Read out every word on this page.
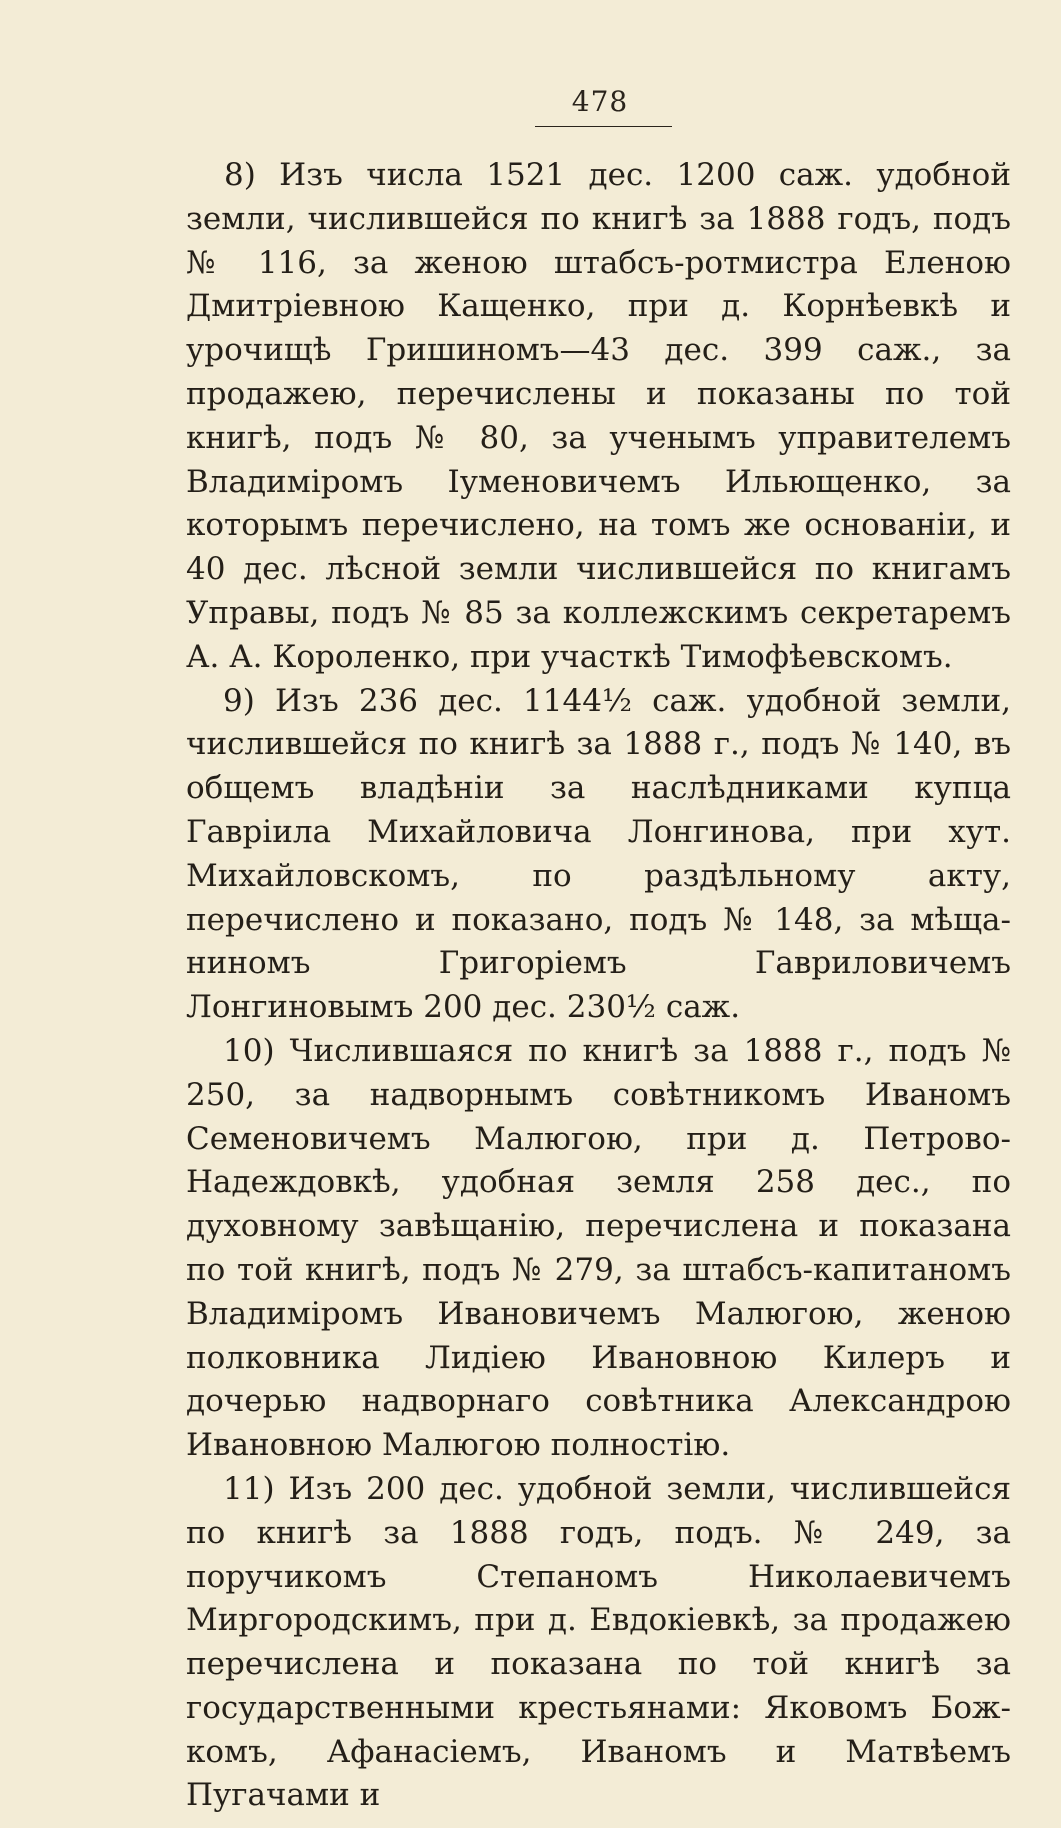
478

8) Изъ числа 1521 дес. 1200 саж. удобной земли, числившейся по книгѣ за 1888 годъ, подъ № 116, за женою штабсъ-ротмистра Еленою Дмитріевною Кащенко, при д. Корнѣевкѣ и урочищѣ Гришиномъ—43 дес. 399 саж., за продажею, перечислены и показаны по той книгѣ, подъ № 80, за ученымъ управителемъ Владиміромъ Іуменовичемъ Ильющенко, за которымъ перечислено, на томъ же основаніи, и 40 дес. лѣсной земли числившейся по книгамъ Управы, подъ № 85 за коллежскимъ секретаремъ А. А. Короленко, при участкѣ Тимофѣевскомъ.

9) Изъ 236 дес. 1144½ саж. удобной земли, числившейся по книгѣ за 1888 г., подъ № 140, въ общемъ владѣніи за наслѣдниками купца Гавріила Михайловича Лонгинова, при хут. Михайловскомъ, по раздѣльному акту, перечислено и показано, подъ № 148, за мѣщаниномъ Григоріемъ Гавриловичемъ Лонгиновымъ 200 дес. 230½ саж.

10) Числившаяся по книгѣ за 1888 г., подъ № 250, за надворнымъ совѣтникомъ Иваномъ Семеновичемъ Малюгою, при д. Петрово-Надеждовкѣ, удобная земля 258 дес., по духовному завѣщанію, перечислена и показана по той книгѣ, подъ № 279, за штабсъ-капитаномъ Владиміромъ Ивановичемъ Малюгою, женою полковника Лидіею Ивановною Килеръ и дочерью надворнаго совѣтника Александрою Ивановною Малюгою полностію.

11) Изъ 200 дес. удобной земли, числившейся по книгѣ за 1888 годъ, подъ. № 249, за поручикомъ Степаномъ Николаевичемъ Миргородскимъ, при д. Евдокіевкѣ, за продажею перечислена и показана по той книгѣ за государственными крестьянами: Яковомъ Божкомъ, Афанасіемъ, Иваномъ и Матвѣемъ Пугачами и
